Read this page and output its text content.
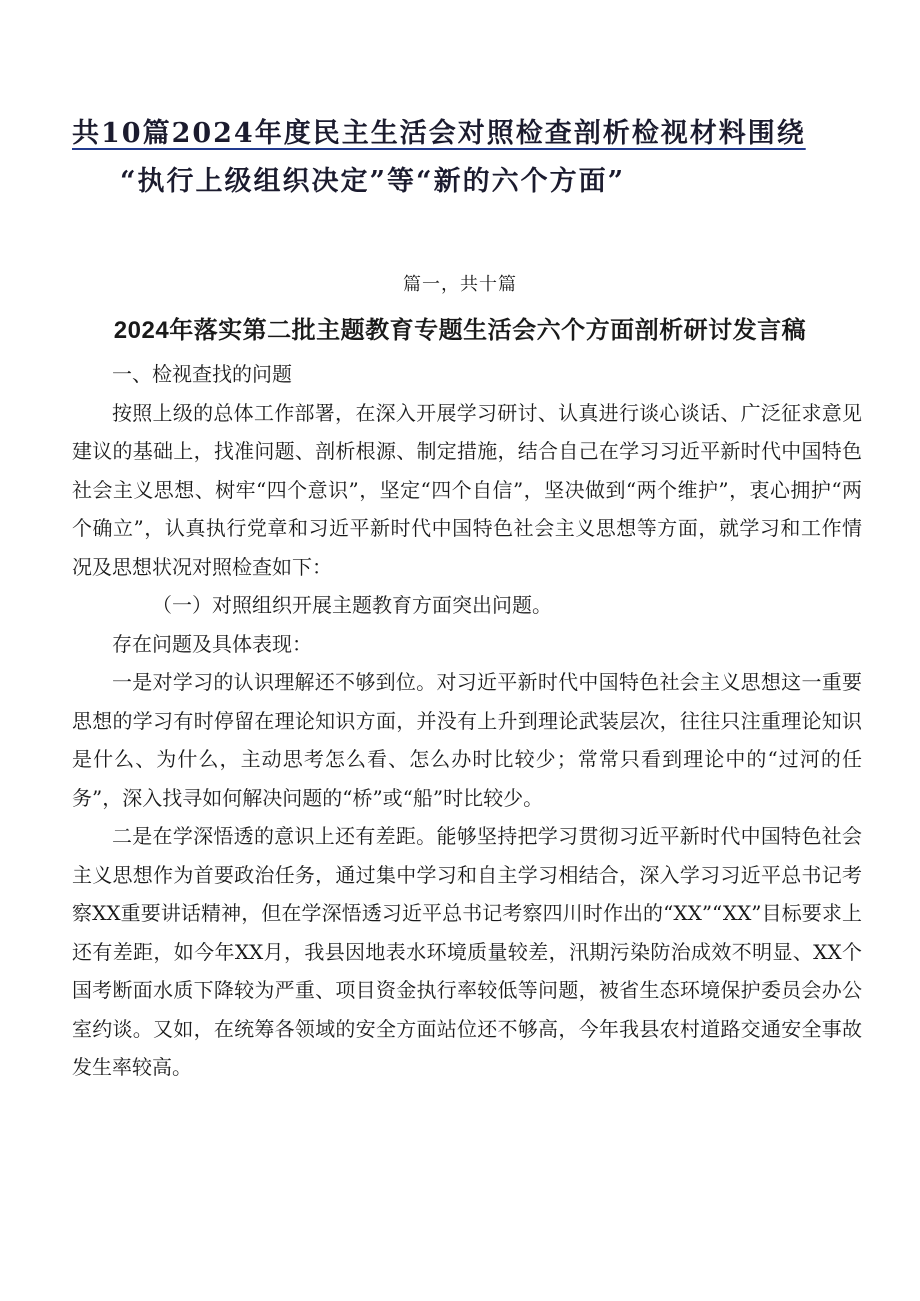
共10篇2024年度民主生活会对照检查剖析检视材料围绕
“执行上级组织决定”等“新的六个方面”
篇一，共十篇
2024年落实第二批主题教育专题生活会六个方面剖析研讨发言稿

一、检视查找的问题

按照上级的总体工作部署，在深入开展学习研讨、认真进行谈心谈话、广泛征求意见建议的基础上，找准问题、剖析根源、制定措施，结合自己在学习习近平新时代中国特色社会主义思想、树牢“四个意识”，坚定“四个自信”，坚决做到“两个维护”，衷心拥护“两个确立”，认真执行党章和习近平新时代中国特色社会主义思想等方面，就学习和工作情况及思想状况对照检查如下：

（一）对照组织开展主题教育方面突出问题。

存在问题及具体表现：

一是对学习的认识理解还不够到位。对习近平新时代中国特色社会主义思想这一重要思想的学习有时停留在理论知识方面，并没有上升到理论武装层次，往往只注重理论知识是什么、为什么，主动思考怎么看、怎么办时比较少；常常只看到理论中的“过河的任务”，深入找寻如何解决问题的“桥”或“船”时比较少。

二是在学深悟透的意识上还有差距。能够坚持把学习贯彻习近平新时代中国特色社会主义思想作为首要政治任务，通过集中学习和自主学习相结合，深入学习习近平总书记考察XX重要讲话精神，但在学深悟透习近平总书记考察四川时作出的“XX”“XX”目标要求上还有差距，如今年XX月，我县因地表水环境质量较差，汛期污染防治成效不明显、XX个国考断面水质下降较为严重、项目资金执行率较低等问题，被省生态环境保护委员会办公室约谈。又如，在统筹各领域的安全方面站位还不够高，今年我县农村道路交通安全事故发生率较高。
